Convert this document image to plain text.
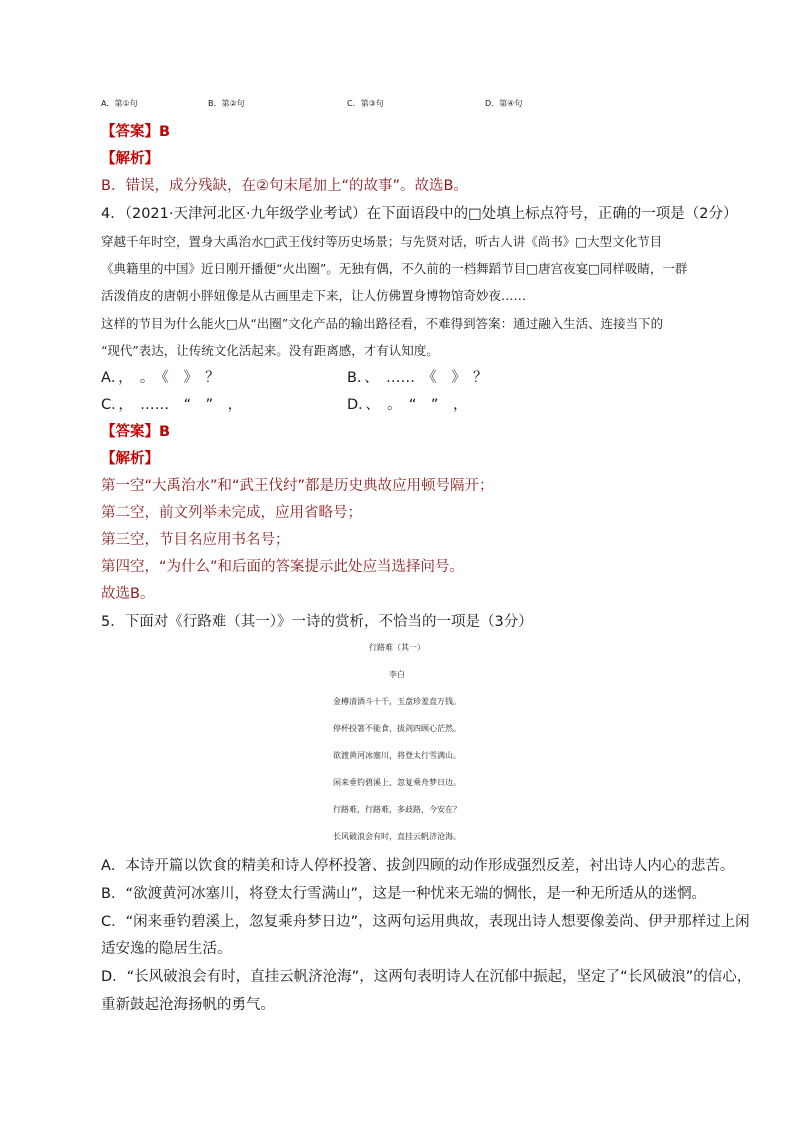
A．第①句	B．第②句	C．第③句	D．第④句
【答案】B
【解析】
B．错误，成分残缺，在②句末尾加上“的故事”。故选B。
4．（2021·天津河北区·九年级学业考试）在下面语段中的□处填上标点符号，正确的一项是（2分）
穿越千年时空，置身大禹治水□武王伐纣等历史场景；与先贤对话，听古人讲《尚书》□大型文化节目
《典籍里的中国》近日刚开播便“火出圈”。无独有偶，不久前的一档舞蹈节目□唐宫夜宴□同样吸睛，一群
活泼俏皮的唐朝小胖妞像是从古画里走下来，让人仿佛置身博物馆奇妙夜……
这样的节目为什么能火□从“出圈”文化产品的输出路径看，不难得到答案：通过融入生活、连接当下的
“现代”表达，让传统文化活起来。没有距离感，才有认知度。
A．，　。　《　》　？	B．、　……　《　》　？
C．，　……　“　”　，	D．、　。　“　”　，
【答案】B
【解析】
第一空“大禹治水”和“武王伐纣”都是历史典故应用顿号隔开；
第二空，前文列举未完成，应用省略号；
第三空，节目名应用书名号；
第四空，“为什么”和后面的答案提示此处应当选择问号。
故选B。
5．下面对《行路难（其一）》一诗的赏析，不恰当的一项是（3分）
行路难（其一）
李白
金樽清酒斗十千，玉盘珍羞直万钱。
停杯投箸不能食，拔剑四顾心茫然。
欲渡黄河冰塞川，将登太行雪满山。
闲来垂钓碧溪上，忽复乘舟梦日边。
行路难，行路难，多歧路，今安在？
长风破浪会有时，直挂云帆济沧海。
A．本诗开篇以饮食的精美和诗人停杯投箸、拔剑四顾的动作形成强烈反差，衬出诗人内心的悲苦。
B．“欲渡黄河冰塞川，将登太行雪满山”，这是一种忧来无端的惆怅，是一种无所适从的迷惘。
C．“闲来垂钓碧溪上，忽复乘舟梦日边”，这两句运用典故，表现出诗人想要像姜尚、伊尹那样过上闲
适安逸的隐居生活。
D．“长风破浪会有时，直挂云帆济沧海”，这两句表明诗人在沉郁中振起，坚定了“长风破浪”的信心，
重新鼓起沧海扬帆的勇气。
